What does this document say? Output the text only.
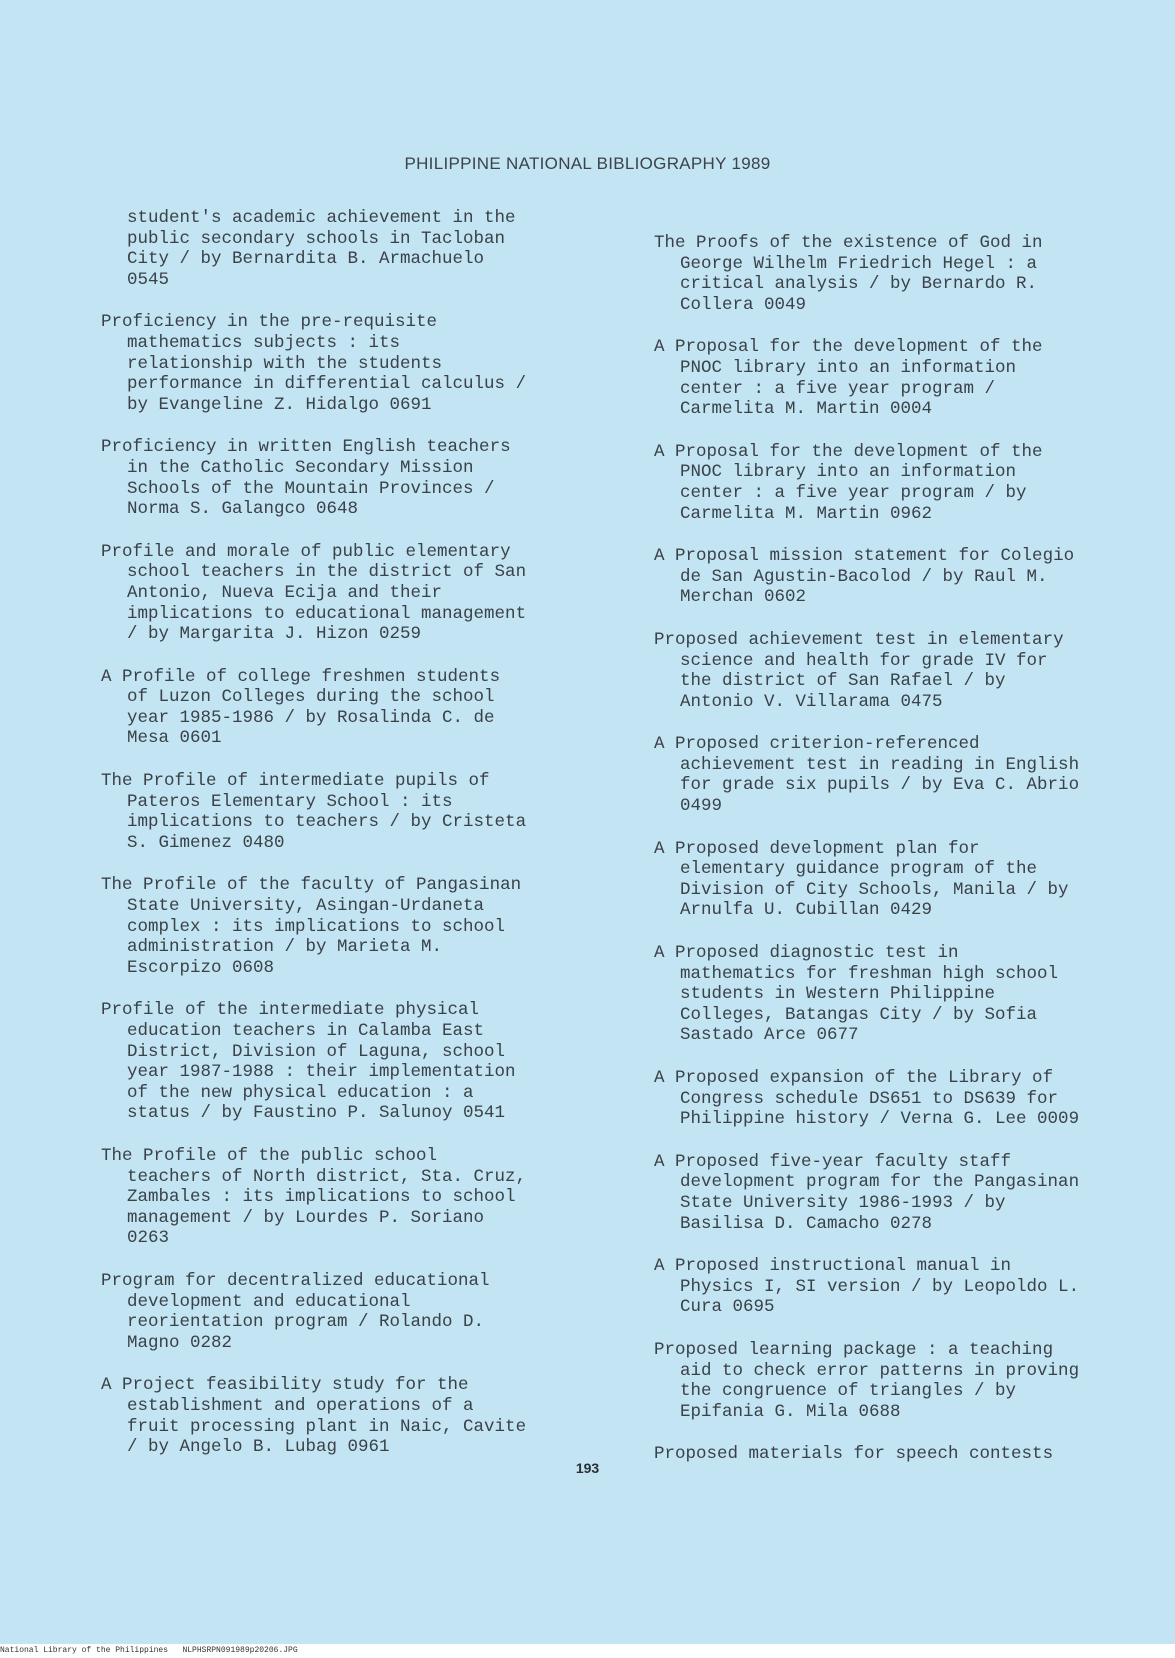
PHILIPPINE NATIONAL BIBLIOGRAPHY 1989
student's academic achievement in the
public secondary schools in Tacloban
City / by Bernardita B. Armachuelo
0545
Proficiency in the pre-requisite
mathematics subjects : its
relationship with the students
performance in differential calculus /
by Evangeline Z. Hidalgo 0691
Proficiency in written English teachers
in the Catholic Secondary Mission
Schools of the Mountain Provinces /
Norma S. Galangco 0648
Profile and morale of public elementary
school teachers in the district of San
Antonio, Nueva Ecija and their
implications to educational management
/ by Margarita J. Hizon 0259
A Profile of college freshmen students
of Luzon Colleges during the school
year 1985-1986 / by Rosalinda C. de
Mesa 0601
The Profile of intermediate pupils of
Pateros Elementary School : its
implications to teachers / by Cristeta
S. Gimenez 0480
The Profile of the faculty of Pangasinan
State University, Asingan-Urdaneta
complex : its implications to school
administration / by Marieta M.
Escorpizo 0608
Profile of the intermediate physical
education teachers in Calamba East
District, Division of Laguna, school
year 1987-1988 : their implementation
of the new physical education : a
status / by Faustino P. Salunoy 0541
The Profile of the public school
teachers of North district, Sta. Cruz,
Zambales : its implications to school
management / by Lourdes P. Soriano
0263
Program for decentralized educational
development and educational
reorientation program / Rolando D.
Magno 0282
A Project feasibility study for the
establishment and operations of a
fruit processing plant in Naic, Cavite
/ by Angelo B. Lubag 0961
The Proofs of the existence of God in
George Wilhelm Friedrich Hegel : a
critical analysis / by Bernardo R.
Collera 0049
A Proposal for the development of the
PNOC library into an information
center : a five year program /
Carmelita M. Martin 0004
A Proposal for the development of the
PNOC library into an information
center : a five year program / by
Carmelita M. Martin 0962
A Proposal mission statement for Colegio
de San Agustin-Bacolod / by Raul M.
Merchan 0602
Proposed achievement test in elementary
science and health for grade IV for
the district of San Rafael / by
Antonio V. Villarama 0475
A Proposed criterion-referenced
achievement test in reading in English
for grade six pupils / by Eva C. Abrio
0499
A Proposed development plan for
elementary guidance program of the
Division of City Schools, Manila / by
Arnulfa U. Cubillan 0429
A Proposed diagnostic test in
mathematics for freshman high school
students in Western Philippine
Colleges, Batangas City / by Sofia
Sastado Arce 0677
A Proposed expansion of the Library of
Congress schedule DS651 to DS639 for
Philippine history / Verna G. Lee 0009
A Proposed five-year faculty staff
development program for the Pangasinan
State University 1986-1993 / by
Basilisa D. Camacho 0278
A Proposed instructional manual in
Physics I, SI version / by Leopoldo L.
Cura 0695
Proposed learning package : a teaching
aid to check error patterns in proving
the congruence of triangles / by
Epifania G. Mila 0688
Proposed materials for speech contests
193
National Library of the Philippines NLPHSRPN091989p20206.JPG
